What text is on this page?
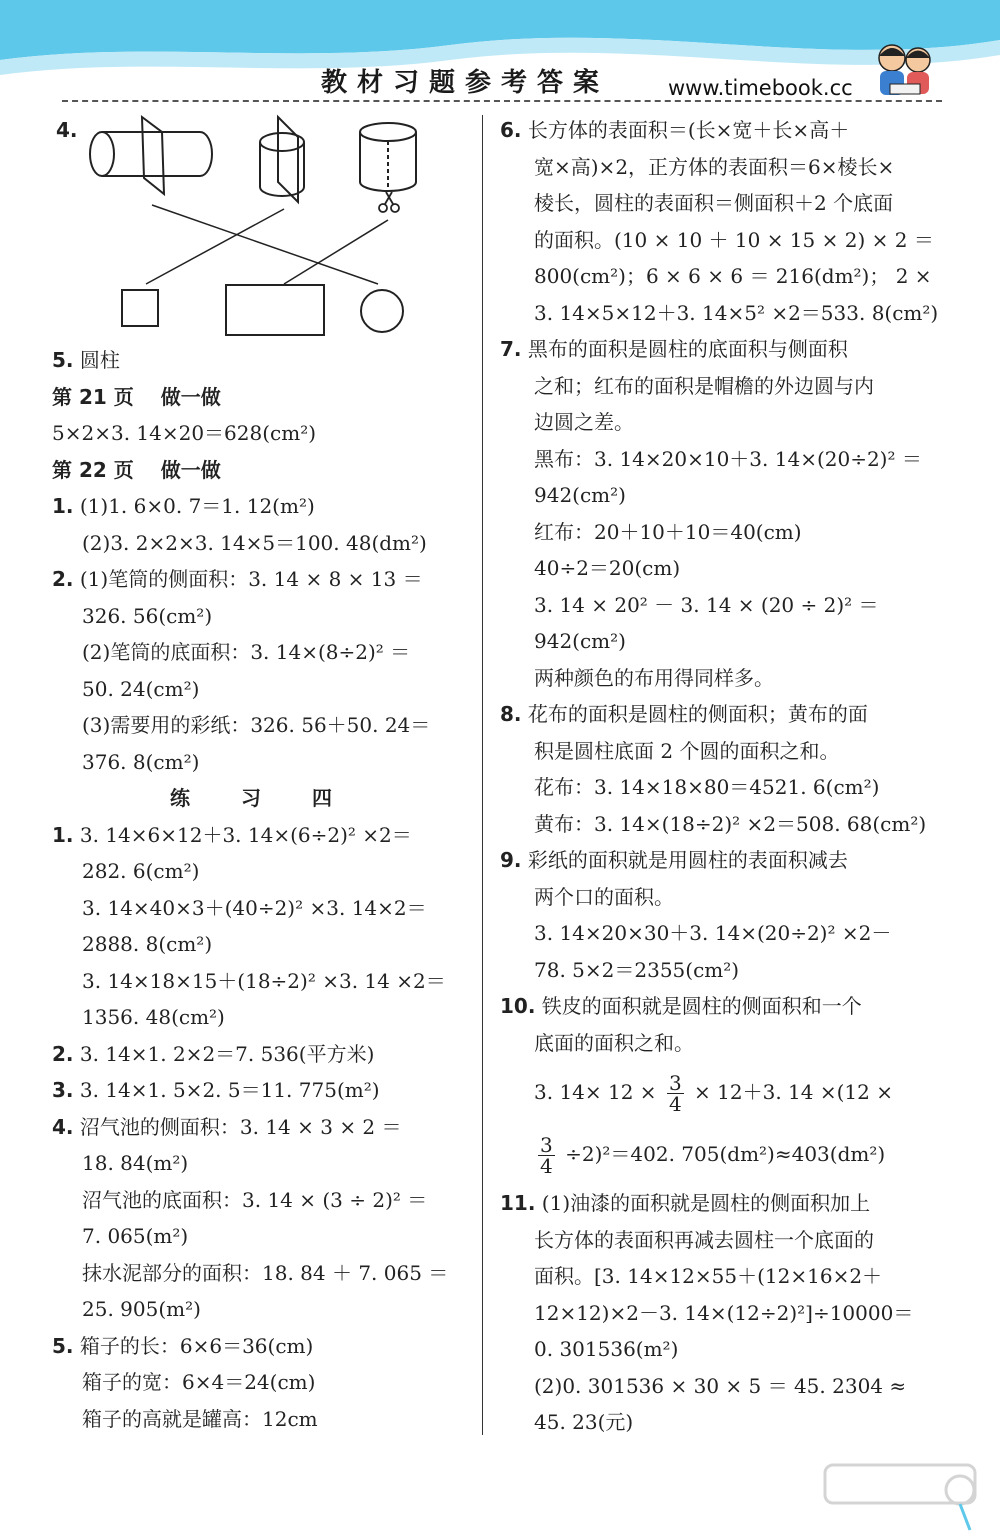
教材习题参考答案	www.timebook.cc
4.
5. 圆柱
第 21 页　 做一做
5×2×3. 14×20＝628(cm²)
第 22 页　 做一做
1. (1)1. 6×0. 7＝1. 12(m²)
(2)3. 2×2×3. 14×5＝100. 48(dm²)
2. (1)笔筒的侧面积：3. 14 × 8 × 13 ＝
326. 56(cm²)
(2)笔筒的底面积：3. 14×(8÷2)² ＝
50. 24(cm²)
(3)需要用的彩纸：326. 56＋50. 24＝
376. 8(cm²)
练 习 四
1. 3. 14×6×12＋3. 14×(6÷2)² ×2＝
282. 6(cm²)
3. 14×40×3＋(40÷2)² ×3. 14×2＝
2888. 8(cm²)
3. 14×18×15＋(18÷2)² ×3. 14 ×2＝
1356. 48(cm²)
2. 3. 14×1. 2×2＝7. 536(平方米)
3. 3. 14×1. 5×2. 5＝11. 775(m²)
4. 沼气池的侧面积：3. 14 × 3 × 2 ＝
18. 84(m²)
沼气池的底面积：3. 14 × (3 ÷ 2)² ＝
7. 065(m²)
抹水泥部分的面积：18. 84 ＋ 7. 065 ＝
25. 905(m²)
5. 箱子的长：6×6＝36(cm)
箱子的宽：6×4＝24(cm)
箱子的高就是罐高：12cm
6. 长方体的表面积＝(长×宽＋长×高＋
宽×高)×2，正方体的表面积＝6×棱长×
棱长，圆柱的表面积＝侧面积＋2 个底面
的面积。(10 × 10 ＋ 10 × 15 × 2) × 2 ＝
800(cm²)；6 × 6 × 6 ＝ 216(dm²)； 2 ×
3. 14×5×12＋3. 14×5² ×2＝533. 8(cm²)
7. 黑布的面积是圆柱的底面积与侧面积
之和；红布的面积是帽檐的外边圆与内
边圆之差。
黑布：3. 14×20×10＋3. 14×(20÷2)² ＝
942(cm²)
红布：20＋10＋10＝40(cm)
40÷2＝20(cm)
3. 14 × 20² － 3. 14 × (20 ÷ 2)² ＝
942(cm²)
两种颜色的布用得同样多。
8. 花布的面积是圆柱的侧面积；黄布的面
积是圆柱底面 2 个圆的面积之和。
花布：3. 14×18×80＝4521. 6(cm²)
黄布：3. 14×(18÷2)² ×2＝508. 68(cm²)
9. 彩纸的面积就是用圆柱的表面积减去
两个口的面积。
3. 14×20×30＋3. 14×(20÷2)² ×2－
78. 5×2＝2355(cm²)
10. 铁皮的面积就是圆柱的侧面积和一个
底面的面积之和。
3. $14\times 12 \times \frac{3}{4} \times 12+3$. 14 ×(12 ×
$\frac{3}{4} \div 2)^2=402$. 705(dm²)≈403(dm²)
11. (1)油漆的面积就是圆柱的侧面积加上
长方体的表面积再减去圆柱一个底面的
面积。[3. 14×12×55＋(12×16×2＋
12×12)×2－3. 14×(12÷2)²]÷10000＝
0. 301536(m²)
(2)0. 301536 × 30 × 5 ＝ 45. 2304 ≈
45. 23(元)
